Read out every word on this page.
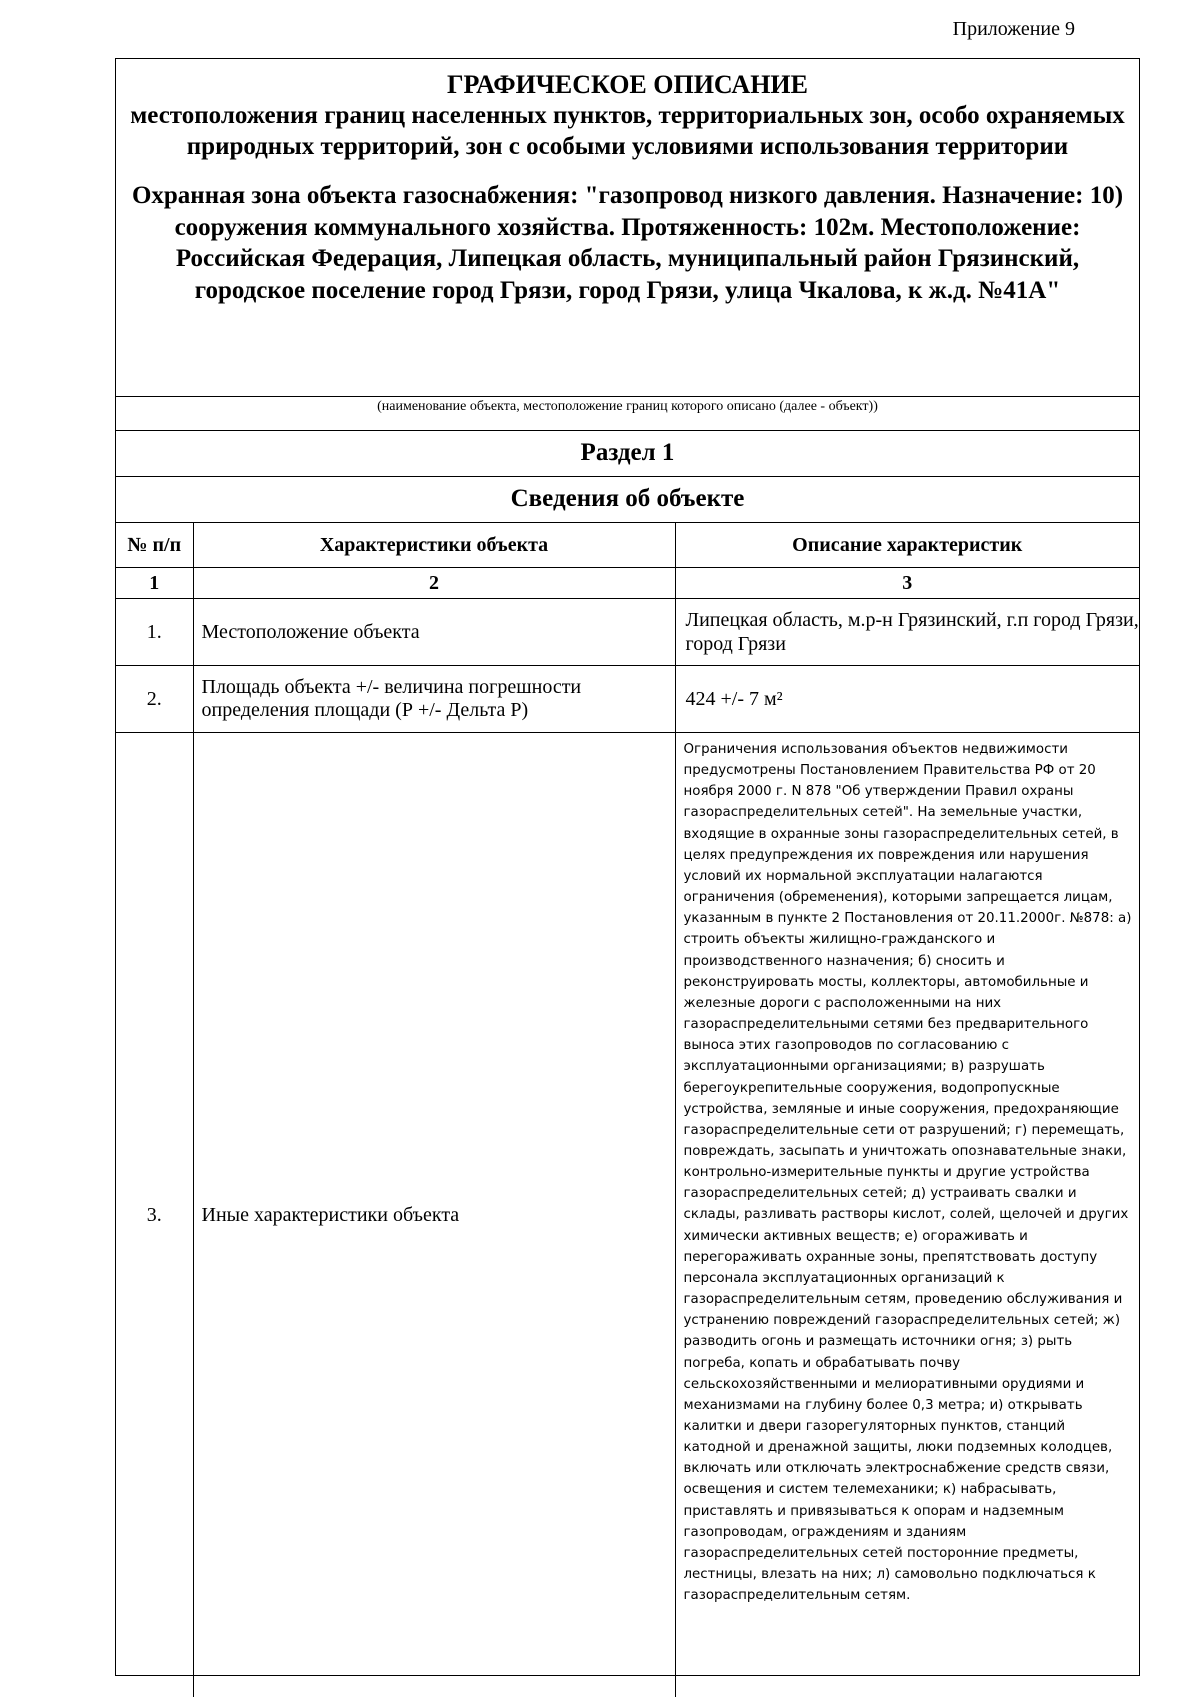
Приложение 9
ГРАФИЧЕСКОЕ ОПИСАНИЕ
местоположения границ населенных пунктов, территориальных зон, особо охраняемых природных территорий, зон с особыми условиями использования территории
Охранная зона объекта газоснабжения: "газопровод низкого давления. Назначение: 10) сооружения коммунального хозяйства. Протяженность: 102м. Местоположение: Российская Федерация, Липецкая область, муниципальный район Грязинский, городское поселение город Грязи, город Грязи, улица Чкалова, к ж.д. №41А"
(наименование объекта, местоположение границ которого описано (далее - объект))
Раздел 1
Сведения об объекте
№ п/п	Характеристики объекта	Описание характеристик
1	2	3
1.	Местоположение объекта	Липецкая область, м.р-н Грязинский, г.п город Грязи, город Грязи
2.	Площадь объекта +/- величина погрешности определения площади (Р +/- Дельта Р)	424 +/- 7 м²
3.	Иные характеристики объекта	Ограничения использования объектов недвижимости предусмотрены Постановлением Правительства РФ от 20 ноября 2000 г. N 878 "Об утверждении Правил охраны газораспределительных сетей". На земельные участки, входящие в охранные зоны газораспределительных сетей, в целях предупреждения их повреждения или нарушения условий их нормальной эксплуатации налагаются ограничения (обременения), которыми запрещается лицам, указанным в пункте 2 Постановления от 20.11.2000г. №878: а) строить объекты жилищно-гражданского и производственного назначения; б) сносить и реконструировать мосты, коллекторы, автомобильные и железные дороги с расположенными на них газораспределительными сетями без предварительного выноса этих газопроводов по согласованию с эксплуатационными организациями; в) разрушать берегоукрепительные сооружения, водопропускные устройства, земляные и иные сооружения, предохраняющие газораспределительные сети от разрушений; г) перемещать, повреждать, засыпать и уничтожать опознавательные знаки, контрольно-измерительные пункты и другие устройства газораспределительных сетей; д) устраивать свалки и склады, разливать растворы кислот, солей, щелочей и других химически активных веществ; е) огораживать и перегораживать охранные зоны, препятствовать доступу персонала эксплуатационных организаций к газораспределительным сетям, проведению обслуживания и устранению повреждений газораспределительных сетей; ж) разводить огонь и размещать источники огня; з) рыть погреба, копать и обрабатывать почву сельскохозяйственными и мелиоративными орудиями и механизмами на глубину более 0,3 метра; и) открывать калитки и двери газорегуляторных пунктов, станций катодной и дренажной защиты, люки подземных колодцев, включать или отключать электроснабжение средств связи, освещения и систем телемеханики; к) набрасывать, приставлять и привязываться к опорам и надземным газопроводам, ограждениям и зданиям газораспределительных сетей посторонние предметы, лестницы, влезать на них; л) самовольно подключаться к газораспределительным сетям.
